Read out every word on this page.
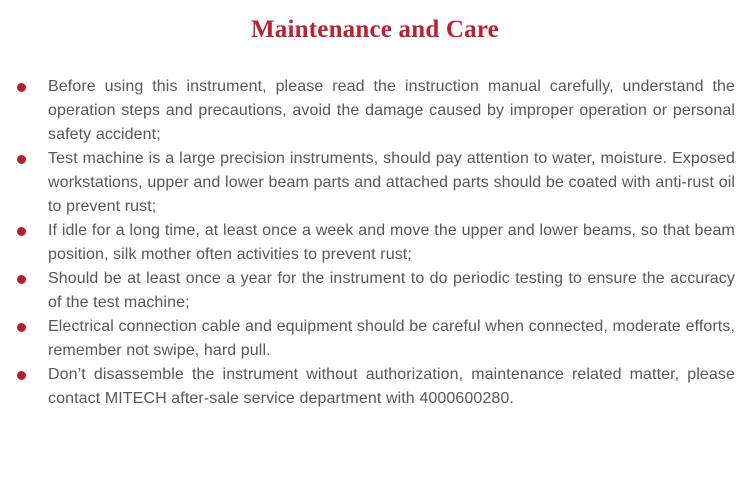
Maintenance and Care
Before using this instrument, please read the instruction manual carefully, understand the operation steps and precautions, avoid the damage caused by improper operation or personal safety accident;
Test machine is a large precision instruments, should pay attention to water, moisture. Exposed workstations, upper and lower beam parts and attached parts should be coated with anti-rust oil to prevent rust;
If idle for a long time, at least once a week and move the upper and lower beams, so that beam position, silk mother often activities to prevent rust;
Should be at least once a year for the instrument to do periodic testing to ensure the accuracy of the test machine;
Electrical connection cable and equipment should be careful when connected, moderate efforts, remember not swipe, hard pull.
Don’t disassemble the instrument without authorization, maintenance related matter, please contact MITECH after-sale service department with 4000600280.
